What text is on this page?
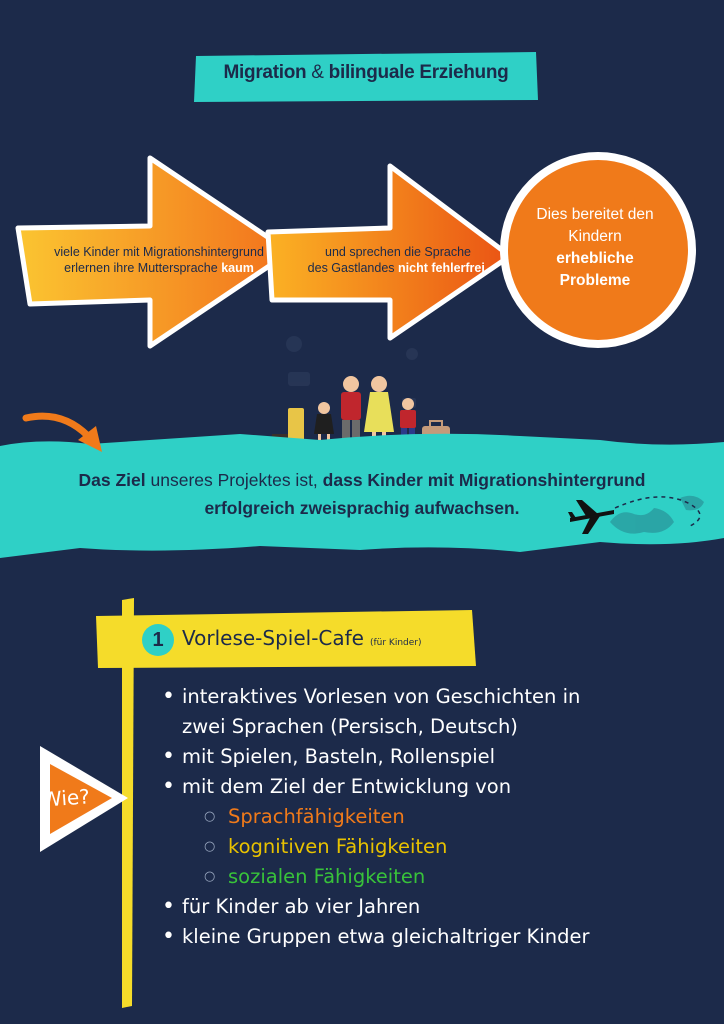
Migration & bilinguale Erziehung
viele Kinder mit Migrationshintergrund
erlernen ihre Muttersprache kaum
und sprechen die Sprache
des Gastlandes nicht fehlerfrei.
Dies bereitet den
Kindern
erhebliche
Probleme
Das Ziel unseres Projektes ist, dass Kinder mit Migrationshintergrund
erfolgreich zweisprachig aufwachsen.
1 Vorlese-Spiel-Cafe (für Kinder)
Wie?
• interaktives Vorlesen von Geschichten in
zwei Sprachen (Persisch, Deutsch)
• mit Spielen, Basteln, Rollenspiel
• mit dem Ziel der Entwicklung von
○ Sprachfähigkeiten
○ kognitiven Fähigkeiten
○ sozialen Fähigkeiten
• für Kinder ab vier Jahren
• kleine Gruppen etwa gleichaltriger Kinder
